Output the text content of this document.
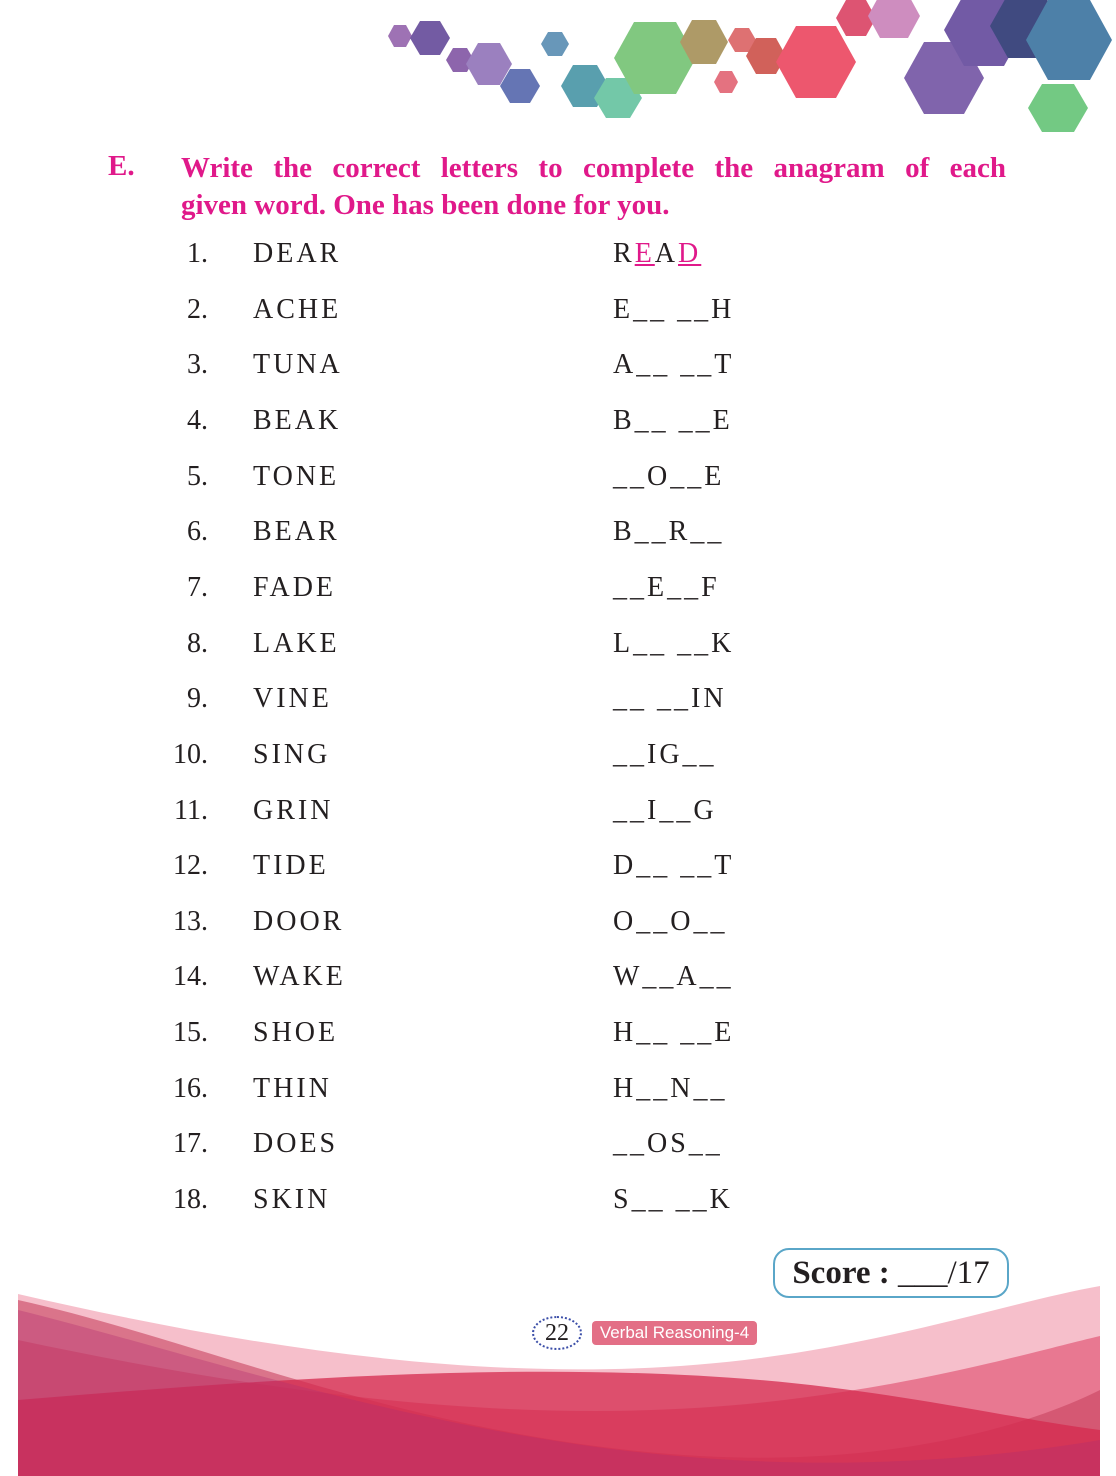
E. Write the correct letters to complete the anagram of each
given word. One has been done for you.
1. DEAR	READ
2. ACHE	E__ __H
3. TUNA	A__ __T
4. BEAK	B__ __E
5. TONE	__O__E
6. BEAR	B__R__
7. FADE	__E__F
8. LAKE	L__ __K
9. VINE	__ __IN
10. SING	__IG__
11. GRIN	__I__G
12. TIDE	D__ __T
13. DOOR	O__O__
14. WAKE	W__A__
15. SHOE	H__ __E
16. THIN	H__N__
17. DOES	__OS__
18. SKIN	S__ __K
Score : ___/17
22	Verbal Reasoning-4
